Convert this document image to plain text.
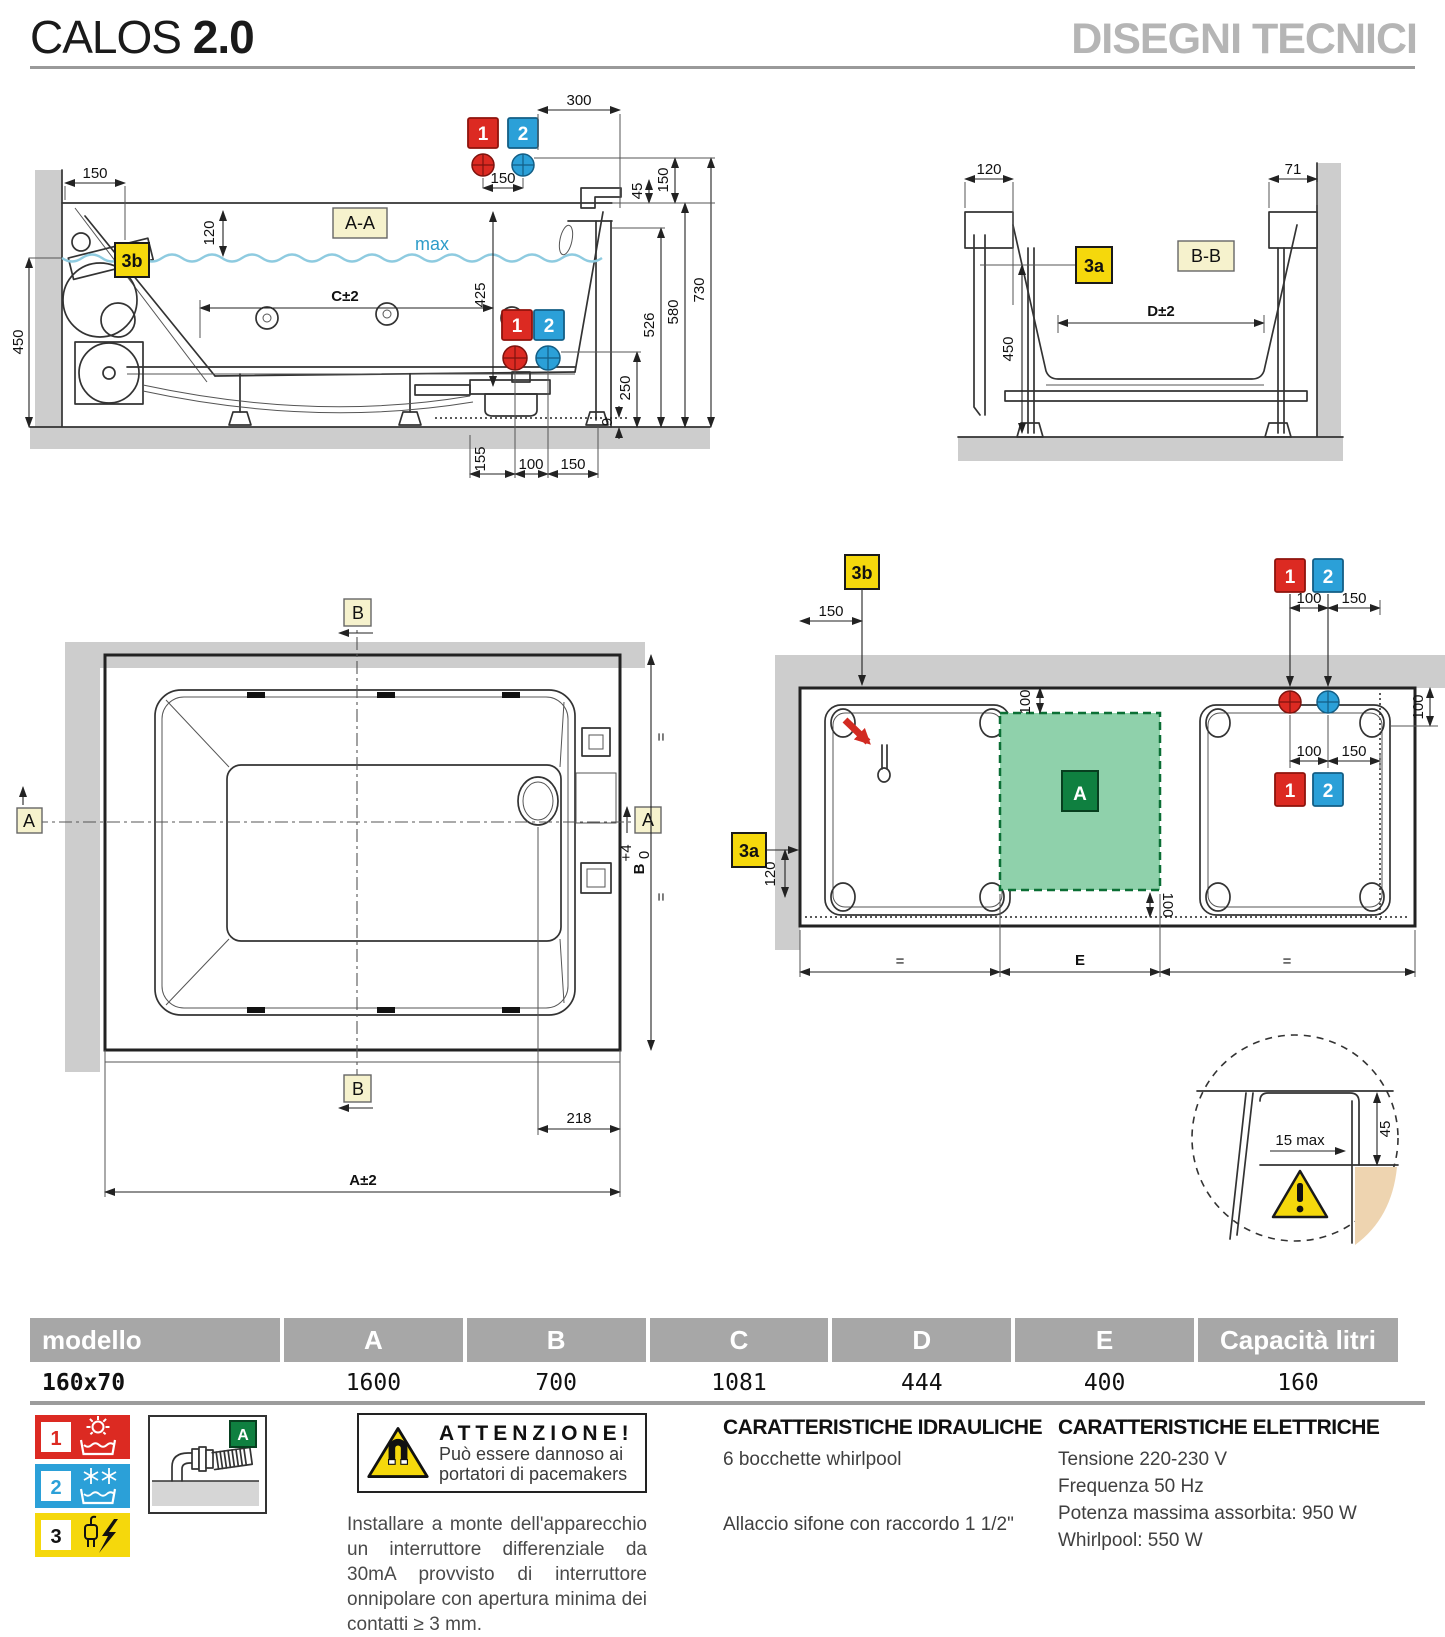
CALOS 2.0	DISEGNI TECNICI
max
A-A
3b
1 2
1 2
300
150
150
120
C±2	425
45 150
730
580
526
250
9
450
155 100 150
3a	B-B
120	71
450
D±2
B
B
A	A
=
=
B
+4 0
218
A±2
A
1 2
1 2
3b
3a
150
100 150
100
100
100 150
120
100
=	E	=
15 max
45
modello	A	B	C	D	E	Capacità litri
160x70	1600	700	1081	444	400	160
1
2
3
A	ATTENZIONE!
Può essere dannoso ai
portatori di pacemakers
Installare a monte dell'apparecchio un interruttore differenziale da 30mA provvisto di interruttore onnipolare con apertura minima dei contatti ≥ 3 mm.
CARATTERISTICHE IDRAULICHE

6 bocchette whirlpool

Allaccio sifone con raccordo 1 1/2"

CARATTERISTICHE ELETTRICHE

Tensione 220-230 V

Frequenza 50 Hz

Potenza massima assorbita: 950 W

Whirlpool: 550 W
